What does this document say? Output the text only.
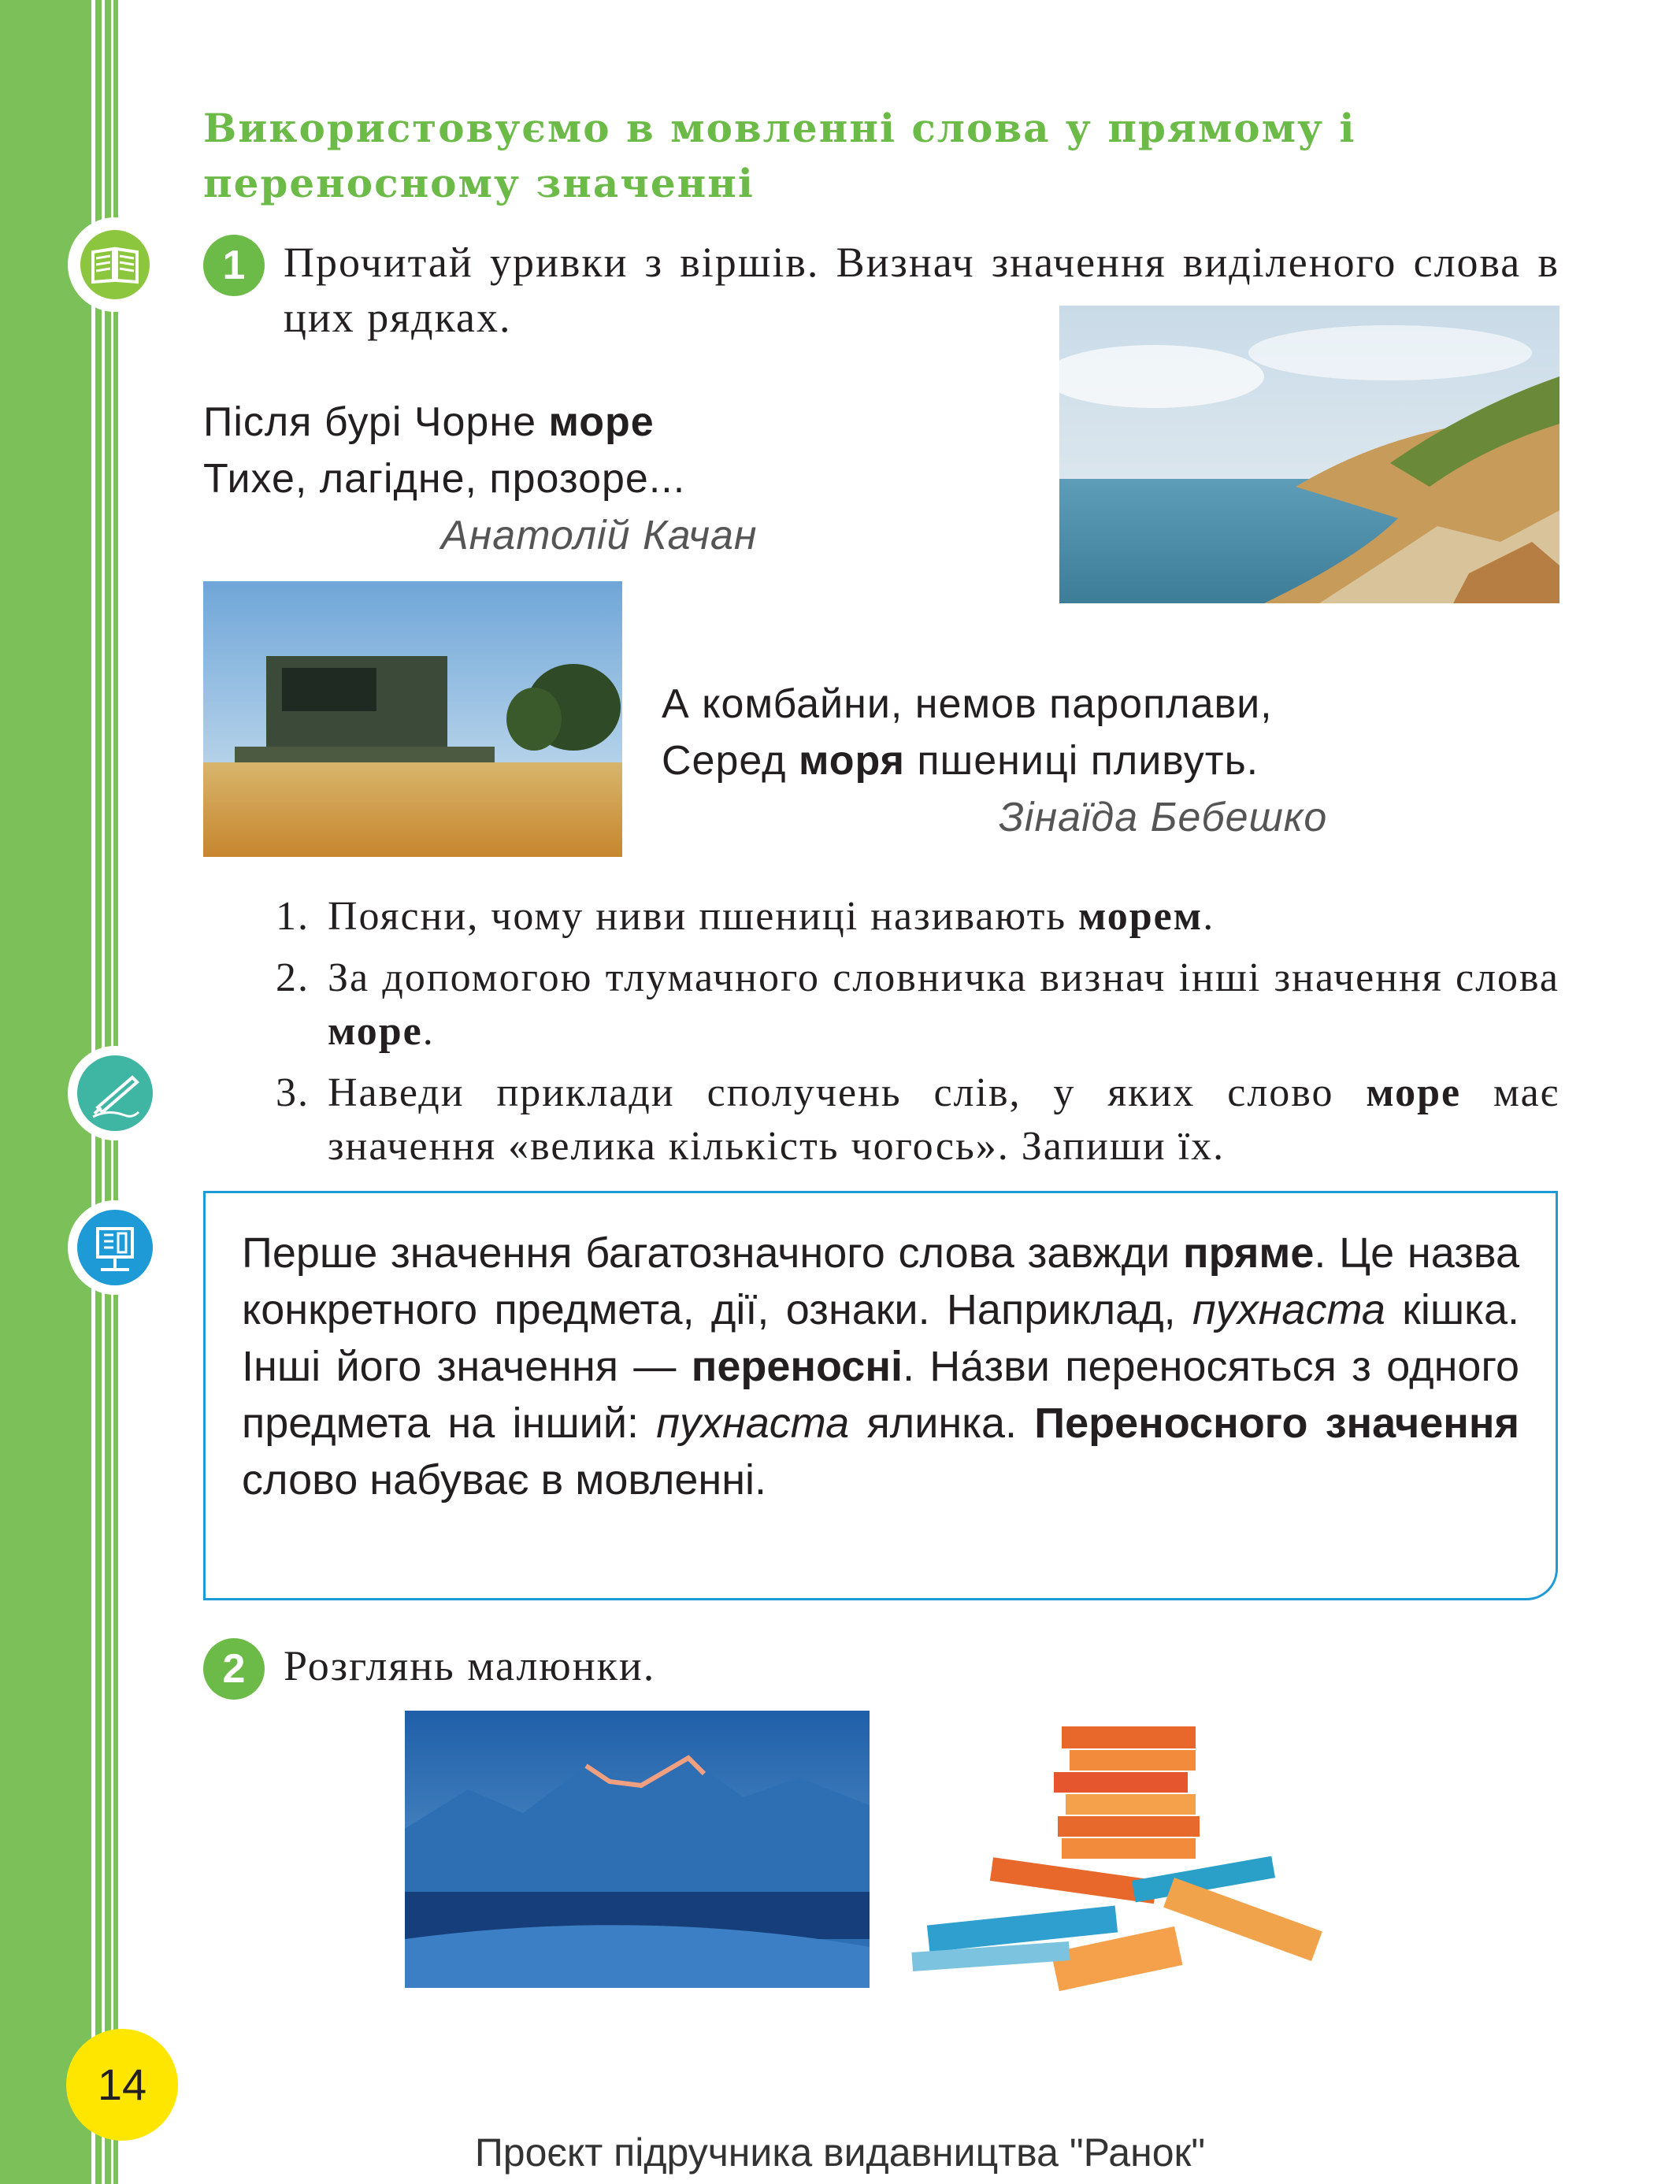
Використовуємо в мовленні слова у прямому і переносному значенні
1 Прочитай уривки з віршів. Визнач значення виділеного слова в цих рядках.
Після бурі Чорне море
Тихе, лагідне, прозоре...
Анатолій Качан
А комбайни, немов пароплави,
Серед моря пшениці пливуть.
Зінаїда Бебешко
1. Поясни, чому ниви пшениці називають морем.
2. За допомогою тлумачного словничка визнач інші значення слова море.
3. Наведи приклади сполучень слів, у яких слово море має значення «велика кількість чогось». Запиши їх.

Перше значення багатозначного слова завжди пряме. Це назва конкретного предмета, дії, ознаки. Наприклад, пухнаста кішка. Інші його значення — переносні. На́зви переносяться з одного предмета на інший: пухнаста ялинка. Переносного значення слово набуває в мовленні.

2 Розглянь малюнки.
14
Проєкт підручника видавництва "Ранок"
